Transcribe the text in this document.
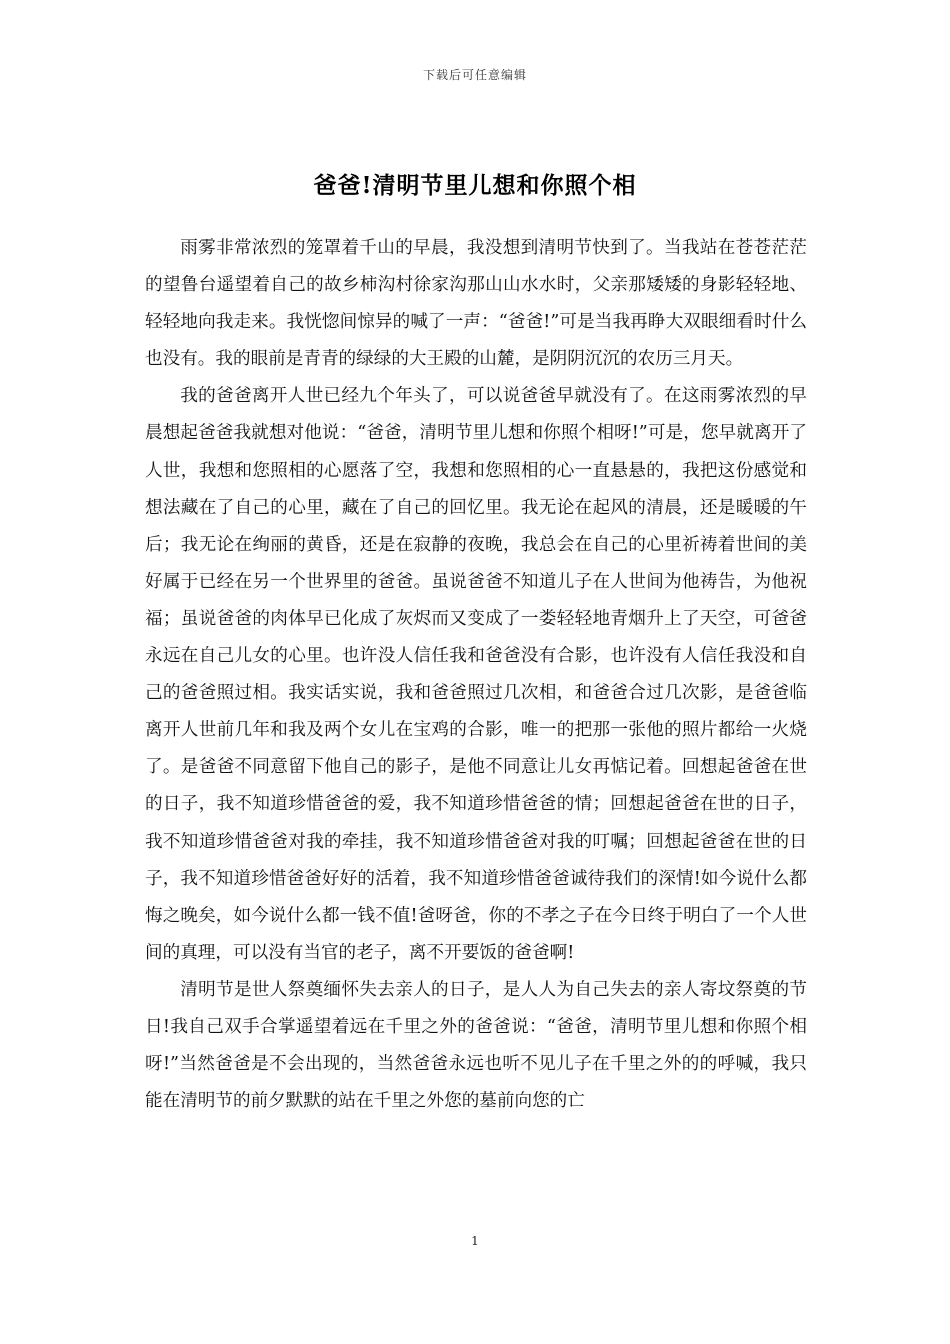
下载后可任意编辑
爸爸!清明节里儿想和你照个相

雨雾非常浓烈的笼罩着千山的早晨，我没想到清明节快到了。当我站在苍苍茫茫的望鲁台遥望着自己的故乡柿沟村徐家沟那山山水水时，父亲那矮矮的身影轻轻地、轻轻地向我走来。我恍惚间惊异的喊了一声：“爸爸!”可是当我再睁大双眼细看时什么也没有。我的眼前是青青的绿绿的大王殿的山麓，是阴阴沉沉的农历三月天。

我的爸爸离开人世已经九个年头了，可以说爸爸早就没有了。在这雨雾浓烈的早晨想起爸爸我就想对他说：“爸爸，清明节里儿想和你照个相呀!”可是，您早就离开了人世，我想和您照相的心愿落了空，我想和您照相的心一直悬悬的，我把这份感觉和想法藏在了自己的心里，藏在了自己的回忆里。我无论在起风的清晨，还是暖暖的午后；我无论在绚丽的黄昏，还是在寂静的夜晚，我总会在自己的心里祈祷着世间的美好属于已经在另一个世界里的爸爸。虽说爸爸不知道儿子在人世间为他祷告，为他祝福；虽说爸爸的肉体早已化成了灰烬而又变成了一娄轻轻地青烟升上了天空，可爸爸永远在自己儿女的心里。也许没人信任我和爸爸没有合影，也许没有人信任我没和自己的爸爸照过相。我实话实说，我和爸爸照过几次相，和爸爸合过几次影，是爸爸临离开人世前几年和我及两个女儿在宝鸡的合影，唯一的把那一张他的照片都给一火烧了。是爸爸不同意留下他自己的影子，是他不同意让儿女再惦记着。回想起爸爸在世的日子，我不知道珍惜爸爸的爱，我不知道珍惜爸爸的情；回想起爸爸在世的日子，我不知道珍惜爸爸对我的牵挂，我不知道珍惜爸爸对我的叮嘱；回想起爸爸在世的日子，我不知道珍惜爸爸好好的活着，我不知道珍惜爸爸诚待我们的深情!如今说什么都悔之晚矣，如今说什么都一钱不值!爸呀爸，你的不孝之子在今日终于明白了一个人世间的真理，可以没有当官的老子，离不开要饭的爸爸啊!

清明节是世人祭奠缅怀失去亲人的日子，是人人为自己失去的亲人寄坟祭奠的节日!我自己双手合掌遥望着远在千里之外的爸爸说：“爸爸，清明节里儿想和你照个相呀!”当然爸爸是不会出现的，当然爸爸永远也听不见儿子在千里之外的的呼喊，我只能在清明节的前夕默默的站在千里之外您的墓前向您的亡

1
